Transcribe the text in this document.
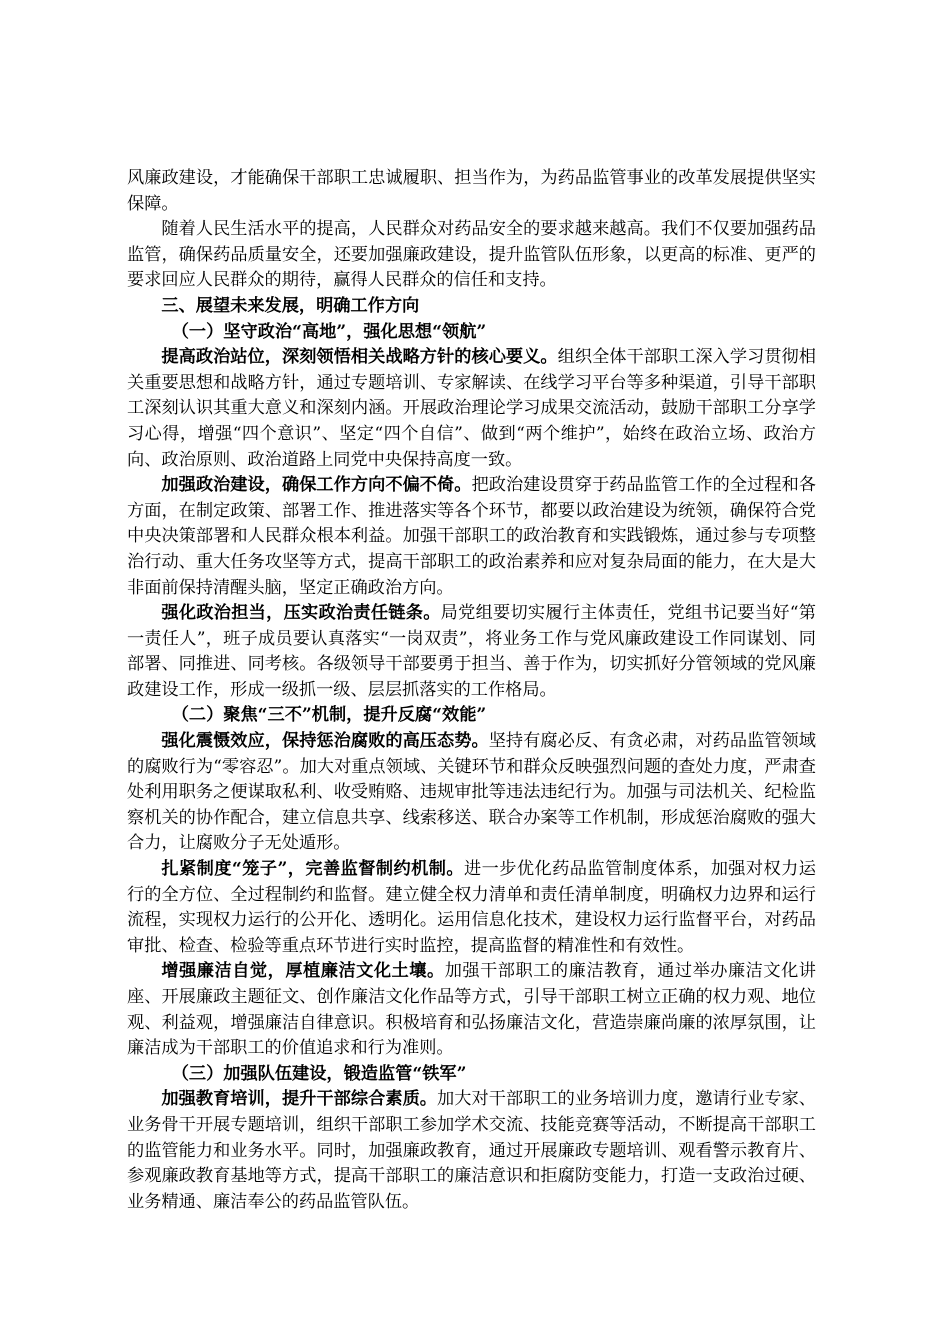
风廉政建设，才能确保干部职工忠诚履职、担当作为，为药品监管事业的改革发展提供坚实保障。

随着人民生活水平的提高，人民群众对药品安全的要求越来越高。我们不仅要加强药品监管，确保药品质量安全，还要加强廉政建设，提升监管队伍形象，以更高的标准、更严的要求回应人民群众的期待，赢得人民群众的信任和支持。

三、展望未来发展，明确工作方向

（一）坚守政治“高地”，强化思想“领航”

提高政治站位，深刻领悟相关战略方针的核心要义。组织全体干部职工深入学习贯彻相关重要思想和战略方针，通过专题培训、专家解读、在线学习平台等多种渠道，引导干部职工深刻认识其重大意义和深刻内涵。开展政治理论学习成果交流活动，鼓励干部职工分享学习心得，增强“四个意识”、坚定“四个自信”、做到“两个维护”，始终在政治立场、政治方向、政治原则、政治道路上同党中央保持高度一致。

加强政治建设，确保工作方向不偏不倚。把政治建设贯穿于药品监管工作的全过程和各方面，在制定政策、部署工作、推进落实等各个环节，都要以政治建设为统领，确保符合党中央决策部署和人民群众根本利益。加强干部职工的政治教育和实践锻炼，通过参与专项整治行动、重大任务攻坚等方式，提高干部职工的政治素养和应对复杂局面的能力，在大是大非面前保持清醒头脑，坚定正确政治方向。

强化政治担当，压实政治责任链条。局党组要切实履行主体责任，党组书记要当好“第一责任人”，班子成员要认真落实“一岗双责”，将业务工作与党风廉政建设工作同谋划、同部署、同推进、同考核。各级领导干部要勇于担当、善于作为，切实抓好分管领域的党风廉政建设工作，形成一级抓一级、层层抓落实的工作格局。

（二）聚焦“三不”机制，提升反腐“效能”

强化震慑效应，保持惩治腐败的高压态势。坚持有腐必反、有贪必肃，对药品监管领域的腐败行为“零容忍”。加大对重点领域、关键环节和群众反映强烈问题的查处力度，严肃查处利用职务之便谋取私利、收受贿赂、违规审批等违法违纪行为。加强与司法机关、纪检监察机关的协作配合，建立信息共享、线索移送、联合办案等工作机制，形成惩治腐败的强大合力，让腐败分子无处遁形。

扎紧制度“笼子”，完善监督制约机制。进一步优化药品监管制度体系，加强对权力运行的全方位、全过程制约和监督。建立健全权力清单和责任清单制度，明确权力边界和运行流程，实现权力运行的公开化、透明化。运用信息化技术，建设权力运行监督平台，对药品审批、检查、检验等重点环节进行实时监控，提高监督的精准性和有效性。

增强廉洁自觉，厚植廉洁文化土壤。加强干部职工的廉洁教育，通过举办廉洁文化讲座、开展廉政主题征文、创作廉洁文化作品等方式，引导干部职工树立正确的权力观、地位观、利益观，增强廉洁自律意识。积极培育和弘扬廉洁文化，营造崇廉尚廉的浓厚氛围，让廉洁成为干部职工的价值追求和行为准则。

（三）加强队伍建设，锻造监管“铁军”

加强教育培训，提升干部综合素质。加大对干部职工的业务培训力度，邀请行业专家、业务骨干开展专题培训，组织干部职工参加学术交流、技能竞赛等活动，不断提高干部职工的监管能力和业务水平。同时，加强廉政教育，通过开展廉政专题培训、观看警示教育片、参观廉政教育基地等方式，提高干部职工的廉洁意识和拒腐防变能力，打造一支政治过硬、业务精通、廉洁奉公的药品监管队伍。
